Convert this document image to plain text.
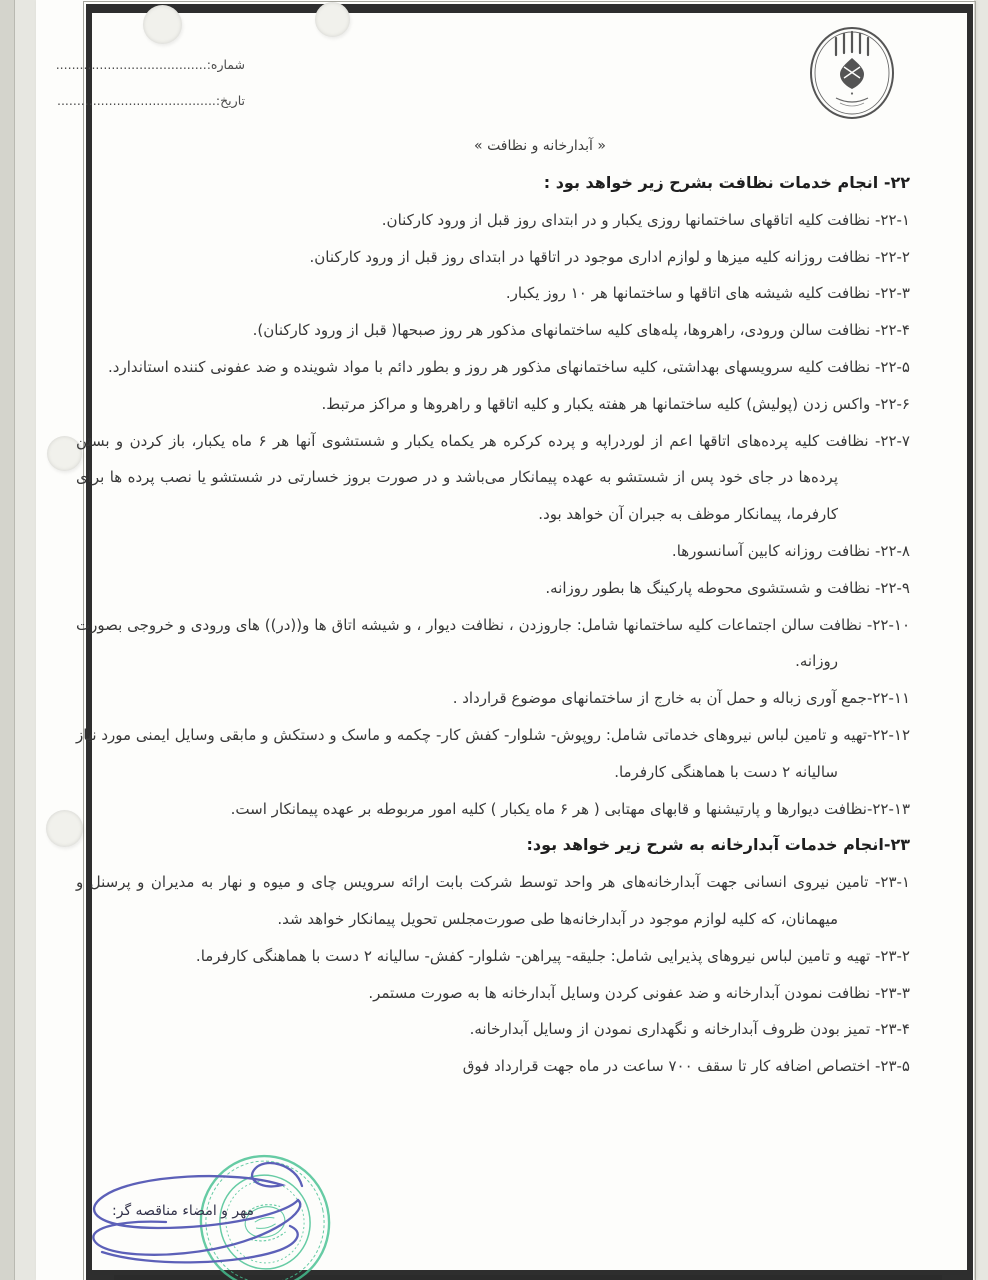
شماره:......................................
تاریخ:........................................
« آبدارخانه و نظافت »
۲۲- انجام خدمات نظافت بشرح زیر خواهد بود :

۲۲-۱- نظافت کلیه اتاقهای ساختمانها روزی یکبار و در ابتدای روز قبل از ورود کارکنان.

۲۲-۲- نظافت روزانه کلیه میزها و لوازم اداری موجود در اتاقها در ابتدای روز قبل از ورود کارکنان.

۲۲-۳- نظافت کلیه شیشه های اتاقها و ساختمانها هر ۱۰ روز یکبار.

۲۲-۴- نظافت سالن ورودی، راهروها، پله‌های کلیه ساختمانهای مذکور هر روز صبحها( قبل از ورود کارکنان).

۲۲-۵- نظافت کلیه سرویسهای بهداشتی، کلیه ساختمانهای مذکور هر روز و بطور دائم با مواد شوینده و ضد عفونی کننده استاندارد.

۲۲-۶- واکس زدن (پولیش) کلیه ساختمانها هر هفته یکبار و کلیه اتاقها و راهروها و مراکز مرتبط.

۲۲-۷- نظافت کلیه پرده‌های اتاقها اعم از لوردراپه و پرده کرکره هر یکماه یکبار و شستشوی آنها هر ۶ ماه یکبار، باز کردن و بستن پرده‌ها در جای خود پس از شستشو به عهده پیمانکار می‌باشد و در صورت بروز خسارتی در شستشو یا نصب پرده ها برای کارفرما، پیمانکار موظف به جبران آن خواهد بود.

۲۲-۸- نظافت روزانه کابین آسانسورها.

۲۲-۹- نظافت و شستشوی محوطه پارکینگ ها بطور روزانه.

۲۲-۱۰- نظافت سالن اجتماعات کلیه ساختمانها شامل: جاروزدن ، نظافت دیوار ، و شیشه اتاق ها و((در)) های ورودی و خروجی بصورت روزانه.

۲۲-۱۱-جمع آوری زباله و حمل آن به خارج از ساختمانهای موضوع قرارداد .

۲۲-۱۲-تهیه و تامین لباس نیروهای خدماتی شامل: روپوش- شلوار- کفش کار- چکمه و ماسک و دستکش و مابقی وسایل ایمنی مورد نیاز سالیانه ۲ دست با هماهنگی کارفرما.

۲۲-۱۳-نظافت دیوارها و پارتیشنها و قابهای مهتابی ( هر ۶ ماه یکبار ) کلیه امور مربوطه بر عهده پیمانکار است.

۲۳-انجام خدمات آبدارخانه به شرح زیر خواهد بود:

۲۳-۱- تامین نیروی انسانی جهت آبدارخانه‌های هر واحد توسط شرکت بابت ارائه سرویس چای و میوه و نهار به مدیران و پرسنل و میهمانان، که کلیه لوازم موجود در آبدارخانه‌ها طی صورت‌مجلس تحویل پیمانکار خواهد شد.

۲۳-۲- تهیه و تامین لباس نیروهای پذیرایی شامل: جلیقه- پیراهن- شلوار- کفش- سالیانه ۲ دست با هماهنگی کارفرما.

۲۳-۳- نظافت نمودن آبدارخانه و ضد عفونی کردن وسایل آبدارخانه ها به صورت مستمر.

۲۳-۴- تمیز بودن ظروف آبدارخانه و نگهداری نمودن از وسایل آبدارخانه.

۲۳-۵- اختصاص اضافه کار تا سقف ۷۰۰ ساعت در ماه جهت قرارداد فوق

مهر و امضاء مناقصه گر:
